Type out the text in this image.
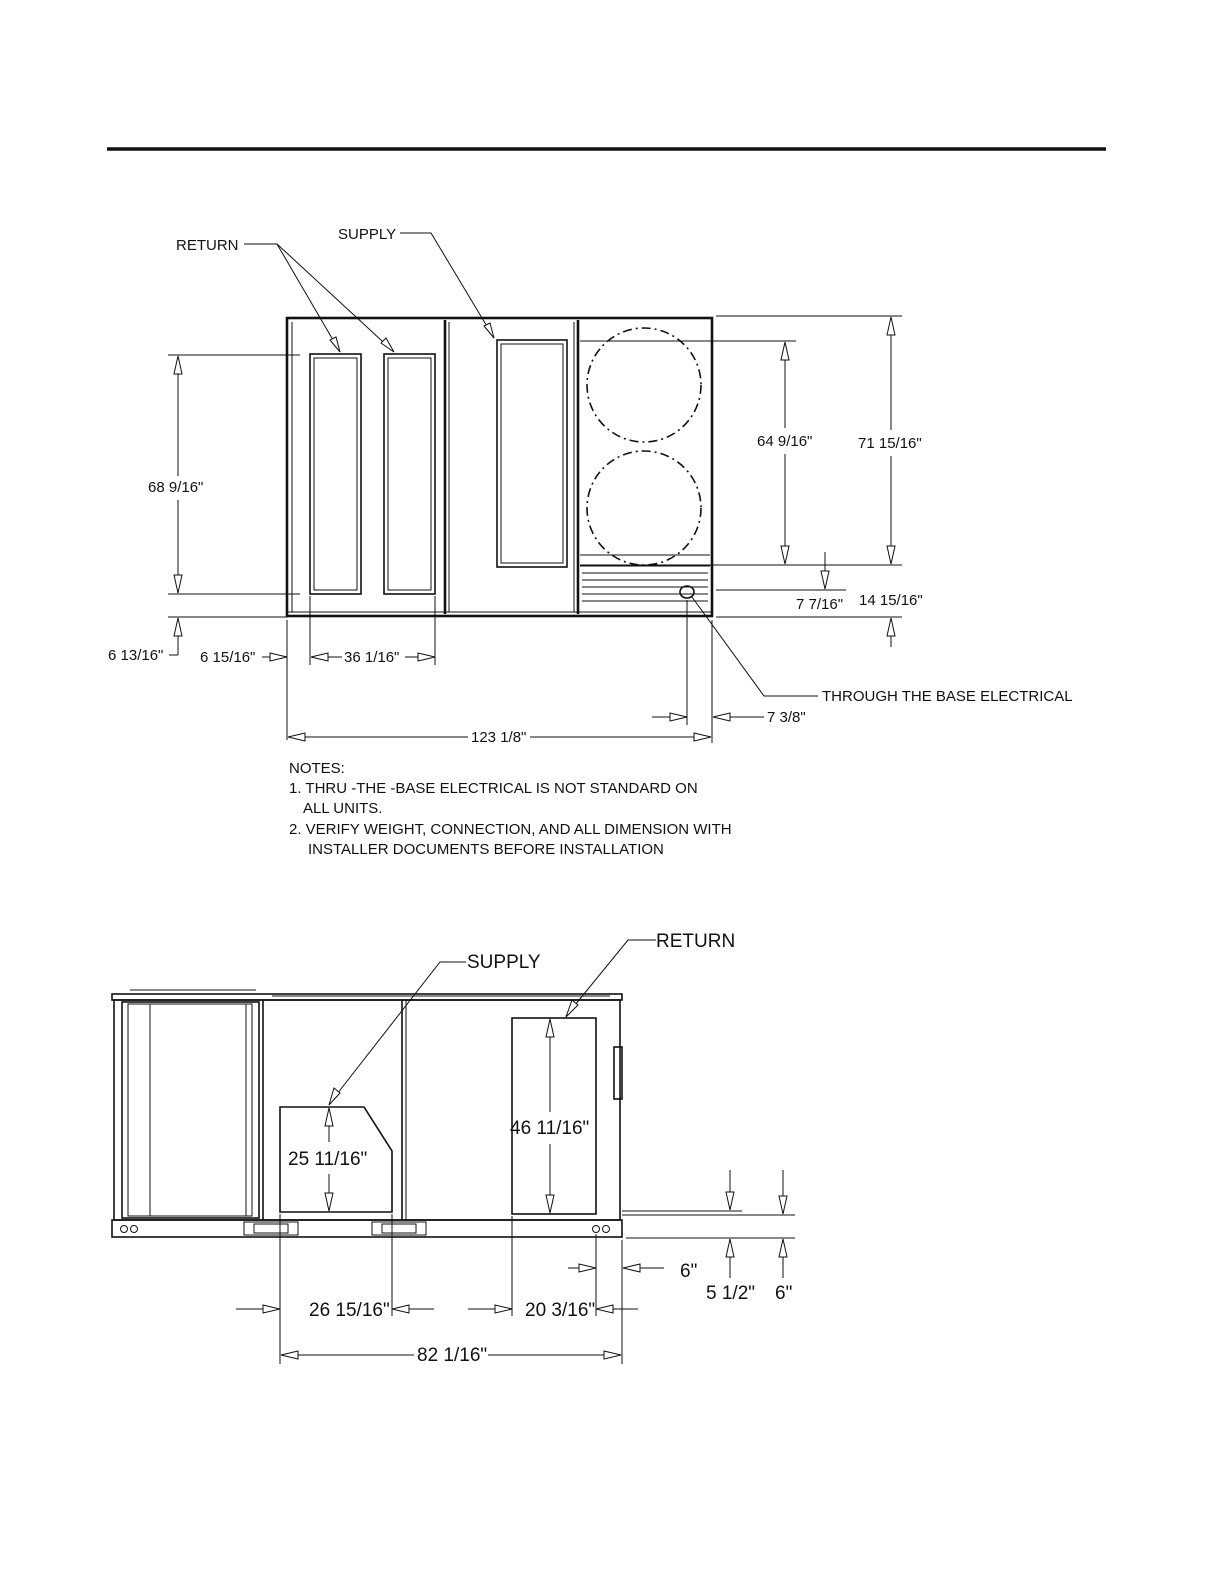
RETURN
SUPPLY
THROUGH THE BASE ELECTRICAL
68 9/16"
64 9/16"	71 15/16"
7 7/16" 14 15/16"
6 13/16" 6 15/16"	36 1/16"
7 3/8"
123 1/8"
NOTES:
1. THRU -THE -BASE ELECTRICAL IS NOT STANDARD ON
ALL UNITS.
2. VERIFY WEIGHT, CONNECTION, AND ALL DIMENSION WITH
INSTALLER DOCUMENTS BEFORE INSTALLATION
SUPPLY
RETURN
25 11/16"
46 11/16"
6"
5 1/2" 6"
26 15/16"	20 3/16"
82 1/16"
